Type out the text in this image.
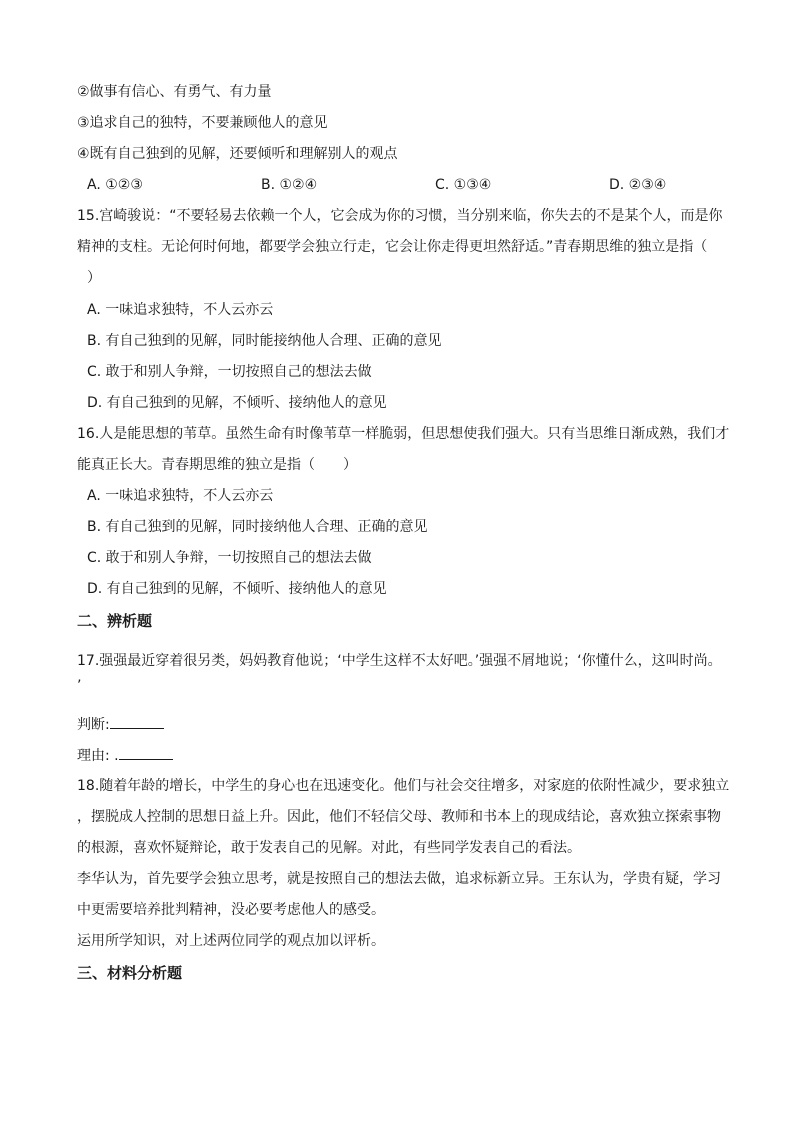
②做事有信心、有勇气、有力量
③追求自己的独特，不要兼顾他人的意见
④既有自己独到的见解，还要倾听和理解别人的观点
A. ①②③	B. ①②④	C. ①③④	D. ②③④
15.宫崎骏说：“不要轻易去依赖一个人，它会成为你的习惯，当分别来临，你失去的不是某个人，而是你
精神的支柱。无论何时何地，都要学会独立行走，它会让你走得更坦然舒适。”青春期思维的独立是指（
）
A. 一味追求独特，不人云亦云
B. 有自己独到的见解，同时能接纳他人合理、正确的意见
C. 敢于和别人争辩，一切按照自己的想法去做
D. 有自己独到的见解，不倾听、接纳他人的意见
16.人是能思想的苇草。虽然生命有时像苇草一样脆弱，但思想使我们强大。只有当思维日渐成熟，我们才
能真正长大。青春期思维的独立是指（　　）
A. 一味追求独特，不人云亦云
B. 有自己独到的见解，同时接纳他人合理、正确的意见
C. 敢于和别人争辩，一切按照自己的想法去做
D. 有自己独到的见解，不倾听、接纳他人的意见
二、辨析题
17.强强最近穿着很另类，妈妈教育他说；‘中学生这样不太好吧。’强强不屑地说；‘你懂什么，这叫时尚。
’
判断:
理由: .
18.随着年龄的增长，中学生的身心也在迅速变化。他们与社会交往增多，对家庭的依附性减少，要求独立
，摆脱成人控制的思想日益上升。因此，他们不轻信父母、教师和书本上的现成结论，喜欢独立探索事物
的根源，喜欢怀疑辩论，敢于发表自己的见解。对此，有些同学发表自己的看法。
李华认为，首先要学会独立思考，就是按照自己的想法去做，追求标新立异。王东认为，学贵有疑，学习
中更需要培养批判精神，没必要考虑他人的感受。
运用所学知识，对上述两位同学的观点加以评析。
三、材料分析题
